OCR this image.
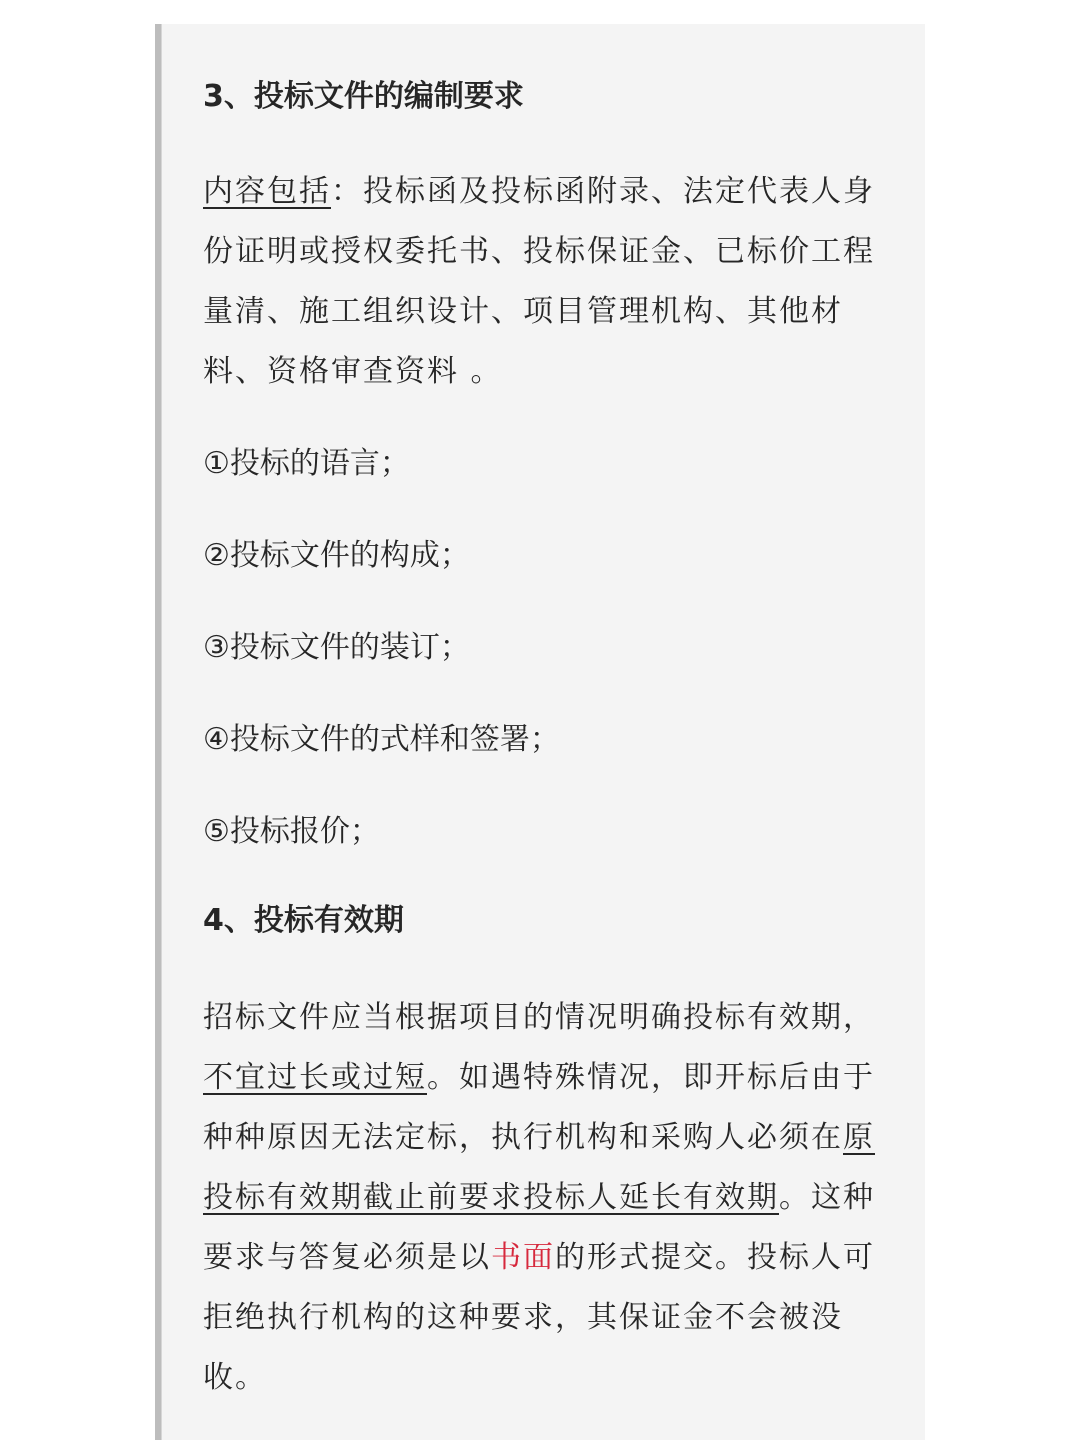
3、投标文件的编制要求

内容包括：投标函及投标函附录、法定代表人身份证明或授权委托书、投标保证金、已标价工程量清、施工组织设计、项目管理机构、其他材料、资格审查资料 。

①投标的语言；

②投标文件的构成；

③投标文件的装订；

④投标文件的式样和签署；

⑤投标报价；

4、投标有效期

招标文件应当根据项目的情况明确投标有效期，不宜过长或过短。如遇特殊情况，即开标后由于种种原因无法定标，执行机构和采购人必须在原投标有效期截止前要求投标人延长有效期。这种要求与答复必须是以书面的形式提交。投标人可拒绝执行机构的这种要求，其保证金不会被没收。
